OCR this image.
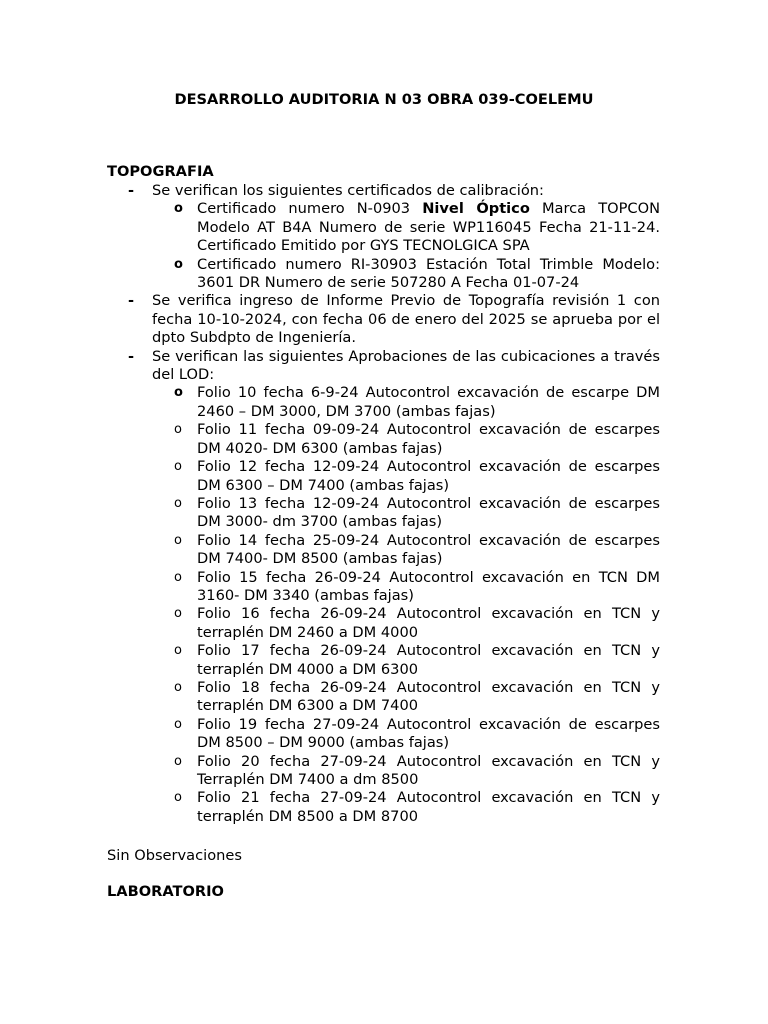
DESARROLLO AUDITORIA N 03 OBRA 039-COELEMU

TOPOGRAFIA

- Se verifican los siguientes certificados de calibración:
o Certificado numero N-0903 Nivel Óptico Marca TOPCON Modelo AT B4A Numero de serie WP116045 Fecha 21-11-24. Certificado Emitido por GYS TECNOLGICA SPA
o Certificado numero RI-30903 Estación Total Trimble Modelo: 3601 DR Numero de serie 507280 A Fecha 01-07-24
- Se verifica ingreso de Informe Previo de Topografía revisión 1 con fecha 10-10-2024, con fecha 06 de enero del 2025 se aprueba por el dpto Subdpto de Ingeniería.
- Se verifican las siguientes Aprobaciones de las cubicaciones a través del LOD:
o Folio 10 fecha 6-9-24 Autocontrol excavación de escarpe DM 2460 – DM 3000, DM 3700 (ambas fajas)
o Folio 11 fecha 09-09-24 Autocontrol excavación de escarpes DM 4020- DM 6300 (ambas fajas)
o Folio 12 fecha 12-09-24 Autocontrol excavación de escarpes DM 6300 – DM 7400 (ambas fajas)
o Folio 13 fecha 12-09-24 Autocontrol excavación de escarpes DM 3000- dm 3700 (ambas fajas)
o Folio 14 fecha 25-09-24 Autocontrol excavación de escarpes DM 7400- DM 8500 (ambas fajas)
o Folio 15 fecha 26-09-24 Autocontrol excavación en TCN DM 3160- DM 3340 (ambas fajas)
o Folio 16 fecha 26-09-24 Autocontrol excavación en TCN y terraplén DM 2460 a DM 4000
o Folio 17 fecha 26-09-24 Autocontrol excavación en TCN y terraplén DM 4000 a DM 6300
o Folio 18 fecha 26-09-24 Autocontrol excavación en TCN y terraplén DM 6300 a DM 7400
o Folio 19 fecha 27-09-24 Autocontrol excavación de escarpes DM 8500 – DM 9000 (ambas fajas)
o Folio 20 fecha 27-09-24 Autocontrol excavación en TCN y Terraplén DM 7400 a dm 8500
o Folio 21 fecha 27-09-24 Autocontrol excavación en TCN y terraplén DM 8500 a DM 8700

Sin Observaciones

LABORATORIO
